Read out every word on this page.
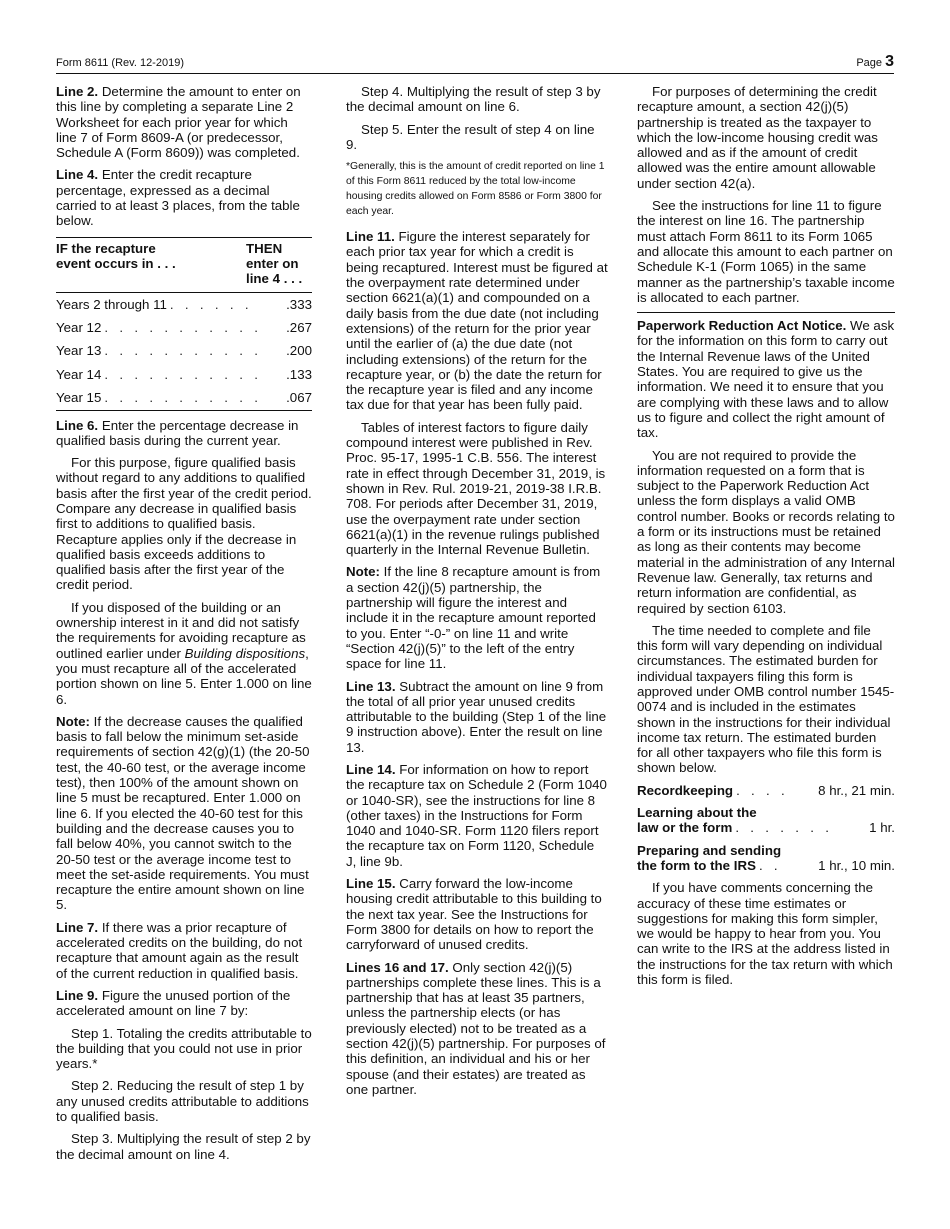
Form 8611 (Rev. 12-2019)	Page 3

Line 2. Determine the amount to enter on this line by completing a separate Line 2 Worksheet for each prior year for which line 7 of Form 8609-A (or predecessor, Schedule A (Form 8609)) was completed.

Line 4. Enter the credit recapture percentage, expressed as a decimal carried to at least 3 places, from the table below.

IF the recapture event occurs in . . .
THEN enter on line 4 . . .
Years 2 through 11 . . . . . .	.333
Year 12 . . . . . . . . . . .	.267
Year 13 . . . . . . . . . . .	.200
Year 14 . . . . . . . . . . .	.133
Year 15 . . . . . . . . . . .	.067

Line 6. Enter the percentage decrease in qualified basis during the current year.

For this purpose, figure qualified basis without regard to any additions to qualified basis after the first year of the credit period. Compare any decrease in qualified basis first to additions to qualified basis. Recapture applies only if the decrease in qualified basis exceeds additions to qualified basis after the first year of the credit period.

If you disposed of the building or an ownership interest in it and did not satisfy the requirements for avoiding recapture as outlined earlier under Building dispositions, you must recapture all of the accelerated portion shown on line 5. Enter 1.000 on line 6.

Note: If the decrease causes the qualified basis to fall below the minimum set-aside requirements of section 42(g)(1) (the 20-50 test, the 40-60 test, or the average income test), then 100% of the amount shown on line 5 must be recaptured. Enter 1.000 on line 6. If you elected the 40-60 test for this building and the decrease causes you to fall below 40%, you cannot switch to the 20-50 test or the average income test to meet the set-aside requirements. You must recapture the entire amount shown on line 5.

Line 7. If there was a prior recapture of accelerated credits on the building, do not recapture that amount again as the result of the current reduction in qualified basis.

Line 9. Figure the unused portion of the accelerated amount on line 7 by:

Step 1. Totaling the credits attributable to the building that you could not use in prior years.*

Step 2. Reducing the result of step 1 by any unused credits attributable to additions to qualified basis.

Step 3. Multiplying the result of step 2 by the decimal amount on line 4.

Step 4. Multiplying the result of step 3 by the decimal amount on line 6.

Step 5. Enter the result of step 4 on line 9.

*Generally, this is the amount of credit reported on line 1 of this Form 8611 reduced by the total low-income housing credits allowed on Form 8586 or Form 3800 for each year.

Line 11. Figure the interest separately for each prior tax year for which a credit is being recaptured. Interest must be figured at the overpayment rate determined under section 6621(a)(1) and compounded on a daily basis from the due date (not including extensions) of the return for the prior year until the earlier of (a) the due date (not including extensions) of the return for the recapture year, or (b) the date the return for the recapture year is filed and any income tax due for that year has been fully paid.

Tables of interest factors to figure daily compound interest were published in Rev. Proc. 95-17, 1995-1 C.B. 556. The interest rate in effect through December 31, 2019, is shown in Rev. Rul. 2019-21, 2019-38 I.R.B. 708. For periods after December 31, 2019, use the overpayment rate under section 6621(a)(1) in the revenue rulings published quarterly in the Internal Revenue Bulletin.

Note: If the line 8 recapture amount is from a section 42(j)(5) partnership, the partnership will figure the interest and include it in the recapture amount reported to you. Enter “-0-” on line 11 and write “Section 42(j)(5)” to the left of the entry space for line 11.

Line 13. Subtract the amount on line 9 from the total of all prior year unused credits attributable to the building (Step 1 of the line 9 instruction above). Enter the result on line 13.

Line 14. For information on how to report the recapture tax on Schedule 2 (Form 1040 or 1040-SR), see the instructions for line 8 (other taxes) in the Instructions for Form 1040 and 1040-SR. Form 1120 filers report the recapture tax on Form 1120, Schedule J, line 9b.

Line 15. Carry forward the low-income housing credit attributable to this building to the next tax year. See the Instructions for Form 3800 for details on how to report the carryforward of unused credits.

Lines 16 and 17. Only section 42(j)(5) partnerships complete these lines. This is a partnership that has at least 35 partners, unless the partnership elects (or has previously elected) not to be treated as a section 42(j)(5) partnership. For purposes of this definition, an individual and his or her spouse (and their estates) are treated as one partner.

For purposes of determining the credit recapture amount, a section 42(j)(5) partnership is treated as the taxpayer to which the low-income housing credit was allowed and as if the amount of credit allowed was the entire amount allowable under section 42(a).

See the instructions for line 11 to figure the interest on line 16. The partnership must attach Form 8611 to its Form 1065 and allocate this amount to each partner on Schedule K-1 (Form 1065) in the same manner as the partnership’s taxable income is allocated to each partner.

Paperwork Reduction Act Notice. We ask for the information on this form to carry out the Internal Revenue laws of the United States. You are required to give us the information. We need it to ensure that you are complying with these laws and to allow us to figure and collect the right amount of tax.

You are not required to provide the information requested on a form that is subject to the Paperwork Reduction Act unless the form displays a valid OMB control number. Books or records relating to a form or its instructions must be retained as long as their contents may become material in the administration of any Internal Revenue law. Generally, tax returns and return information are confidential, as required by section 6103.

The time needed to complete and file this form will vary depending on individual circumstances. The estimated burden for individual taxpayers filing this form is approved under OMB control number 1545-0074 and is included in the estimates shown in the instructions for their individual income tax return. The estimated burden for all other taxpayers who file this form is shown below.

Recordkeeping . . . .	8 hr., 21 min.
Learning about the
law or the form . . . . . . .	1 hr.
Preparing and sending
the form to the IRS . .	1 hr., 10 min.

If you have comments concerning the accuracy of these time estimates or suggestions for making this form simpler, we would be happy to hear from you. You can write to the IRS at the address listed in the instructions for the tax return with which this form is filed.
